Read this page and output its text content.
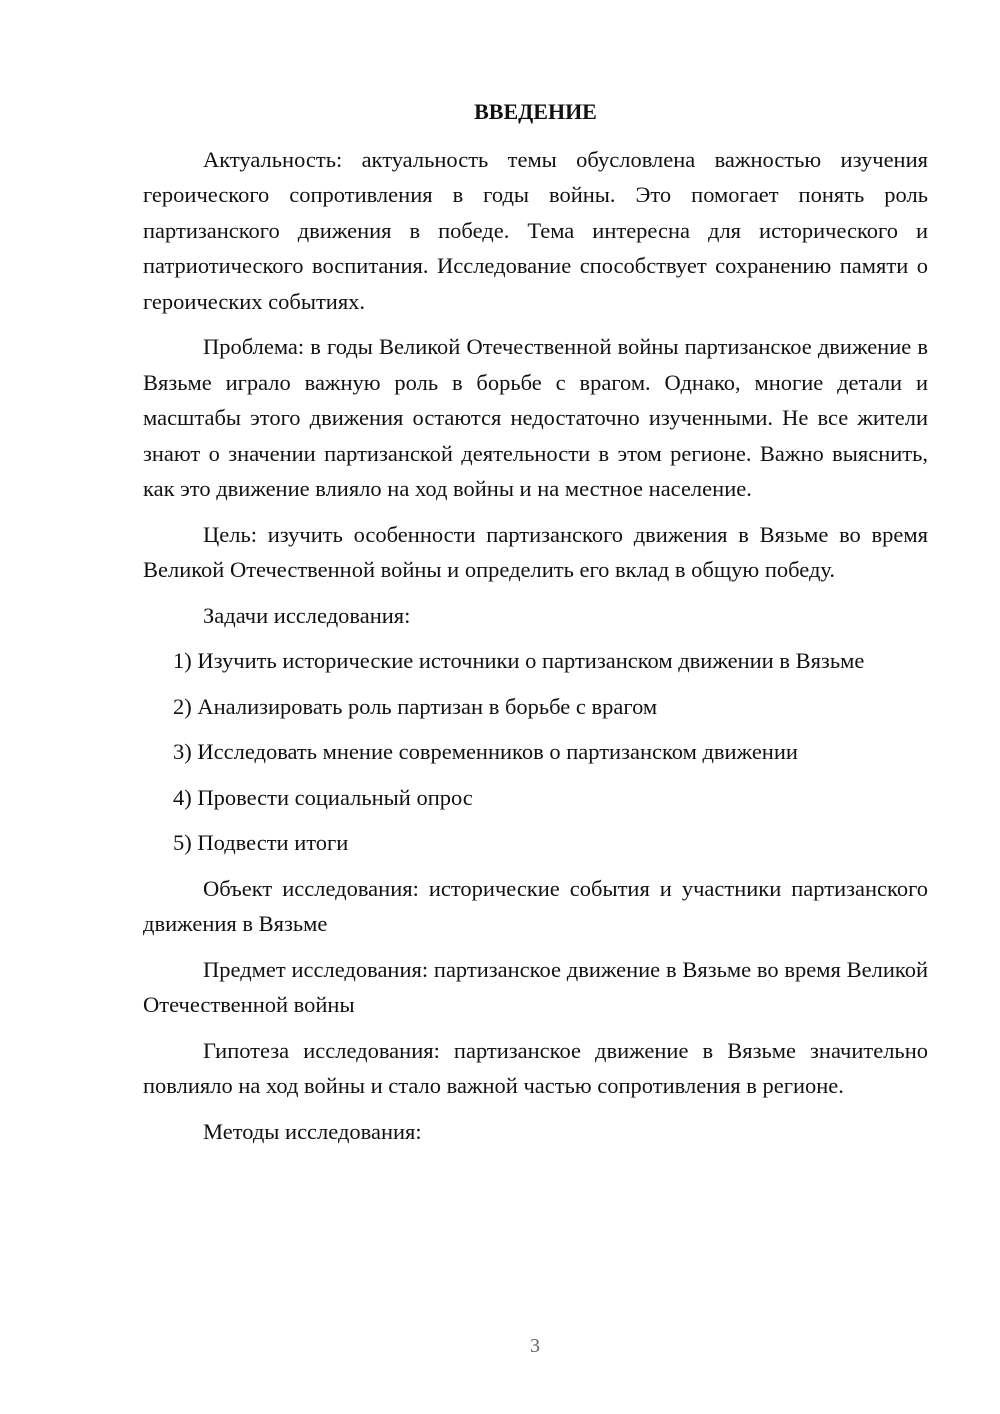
ВВЕДЕНИЕ

Актуальность: актуальность темы обусловлена важностью изучения героического сопротивления в годы войны. Это помогает понять роль партизанского движения в победе. Тема интересна для исторического и патриотического воспитания. Исследование способствует сохранению памяти о героических событиях.

Проблема: в годы Великой Отечественной войны партизанское движение в Вязьме играло важную роль в борьбе с врагом. Однако, многие детали и масштабы этого движения остаются недостаточно изученными. Не все жители знают о значении партизанской деятельности в этом регионе. Важно выяснить, как это движение влияло на ход войны и на местное население.

Цель: изучить особенности партизанского движения в Вязьме во время Великой Отечественной войны и определить его вклад в общую победу.

Задачи исследования:

1) Изучить исторические источники о партизанском движении в Вязьме

2) Анализировать роль партизан в борьбе с врагом

3) Исследовать мнение современников о партизанском движении

4) Провести социальный опрос

5) Подвести итоги

Объект исследования: исторические события и участники партизанского движения в Вязьме

Предмет исследования: партизанское движение в Вязьме во время Великой Отечественной войны

Гипотеза исследования: партизанское движение в Вязьме значительно повлияло на ход войны и стало важной частью сопротивления в регионе.

Методы исследования:

3
